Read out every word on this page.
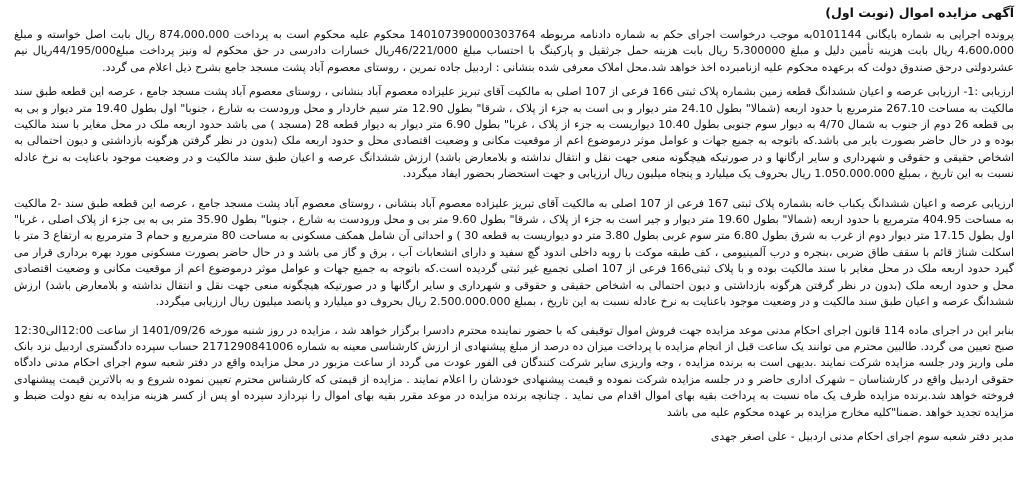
آگهی مزایده اموال (نوبت اول)

پرونده اجرایی به شماره بایگانی 0101144به موجب درخواست اجرای حکم به شماره دادنامه مربوطه 140107390000303764 محکوم علیه محکوم است به پرداخت 874،000،000 ریال بابت اصل خواسته و مبلغ 4،600،000 ریال بابت هزینه تأمین دلیل و مبلغ 5،300000 ریال بابت هزینه حمل جرثقیل و پارکینگ با احتساب مبلغ 46/221/000ریال خسارات دادرسی در حق محکوم له ونیز پرداخت مبلغ44/195/000ریال نیم عشردولتی درحق صندوق دولت که برعهده محکوم علیه ازنامبرده اخذ خواهد شد.محل املاک معرفی شده بنشانی : اردبیل جاده نمرین ، روستای معصوم آباد پشت مسجد جامع بشرح ذیل اعلام می گردد.

ارزیابی :1- ارزیابی عرصه و اعیان ششدانگ قطعه زمین بشماره پلاک ثبتی 166 فرعی از 107 اصلی به مالکیت آقای تبریز علیزاده معصوم آباد بنشانی ، روستای معصوم آباد پشت مسجد جامع ، عرصه این قطعه طبق سند مالکیت به مساحت 267.10 مترمربع با حدود اربعه (شمالا" بطول 24.10 متر دیوار و بی است به جزء از پلاک ، شرقا" بطول 12.90 متر سیم خاردار و محل ورودست به شارع ، جنوبا" اول بطول 19.40 متر دیوار و بی به بی قطعه 26 دوم از جنوب به شمال 4/70 به دیوار سوم جنوبی بطول 10.40 دیواریست به جزء از پلاک ، غربا" بطول 6.90 متر دیوار به دیوار قطعه 28 (مسجد ) می باشد حدود اربعه ملک در محل مغایر با سند مالکیت بوده و در حال حاضر بصورت بایر می باشد.که باتوجه به جمیع جهات و عوامل موثر درموضوع اعم از موقعیت مکانی و وضعیت اقتصادی محل و حدود اربعه ملک (بدون در نظر گرفتن هرگونه بازداشتی و دیون احتمالی به اشخاص حقیقی و حقوقی و شهرداری و سایر ارگانها و در صورتیکه هیچگونه منعی جهت نقل و انتقال نداشته و بلامعارض باشد) ارزش ششدانگ عرصه و اعیان طبق سند مالکیت و در وضعیت موجود باعنایت به نرخ عادله نسبت به این تاریخ ، بمبلغ 1.050.000.000 ریال بحروف یک میلیارد و پنجاه میلیون ریال ارزیابی و جهت استحضار بحضور ایفاد میگردد.

ارزیابی عرصه و اعیان ششدانگ یکباب خانه بشماره پلاک ثبتی 167 فرعی از 107 اصلی به مالکیت آقای تبریز علیزاده معصوم آباد بنشانی ، روستای معصوم آباد پشت مسجد جامع ، عرصه این قطعه طبق سند -2 مالکیت به مساحت 404.95 مترمربع با حدود اربعه (شمالا" بطول 19.60 متر دیوار و جیر است به جزء از پلاک ، شرقا" بطول 9.60 متر بی و محل ورودست به شارع ، جنوبا" بطول 35.90 متر بی به بی جزء از پلاک اصلی ، غربا" اول بطول 17.15 متر دیوار دوم از غرب به شرق بطول 6.80 متر سوم غربی بطول 3.80 متر دو دیواریست به قطعه 30 ) و احداثی آن شامل همکف مسکونی به مساحت 80 مترمربع و حمام 3 مترمربع به ارتفاع 3 متر با اسکلت شناژ قائم با سقف طاق ضربی ،بنجره و درب آلمینیومی ، کف طبقه موکت با روبه داخلی اندود گچ سفید و دارای انشعابات آب ، برق و گاز می باشد و در حال حاضر بصورت مسکونی مورد بهره برداری قرار می گیرد حدود اربعه ملک در محل مغایر با سند مالکیت بوده و با پلاک ثبتی166 فرعی از 107 اصلی تجمیع غیر ثبتی گردیده است.که باتوجه به جمیع جهات و عوامل موثر درموضوع اعم از موقعیت مکانی و وضعیت اقتصادی محل و حدود اربعه ملک (بدون در نظر گرفتن هرگونه بازداشتی و دیون احتمالی به اشخاص حقیقی و حقوقی و شهرداری و سایر ارگانها و در صورتیکه هیچگونه منعی جهت نقل و انتقال نداشته و بلامعارض باشد) ارزش ششدانگ عرصه و اعیان طبق سند مالکیت و در وضعیت موجود باعنایت به نرخ عادله نسبت به این تاریخ ، بمبلغ 2.500.000.000 ریال بحروف دو میلیارد و پانصد میلیون ریال ارزیابی میگردد.

بنابر این در اجرای ماده 114 قانون اجرای احکام مدنی موعد مزایده جهت فروش اموال توقیفی که با حضور نماینده محترم دادسرا برگزار خواهد شد ، مزایده در روز شنبه مورخه 1401/09/26 از ساعت 12:00الی12:30 صبح تعیین می گردد. طالبین محترم می توانند یک ساعت قبل از انجام مزایده با پرداخت میزان ده درصد از مبلغ پیشنهادی از ارزش کارشناسی معینه به شماره 2171290841006 حساب سپرده دادگستری اردبیل نزد بانک ملی واریز ودر جلسه مزایده شرکت نمایند .بدیهی است به برنده مزایده ، وجه واریزی سایر شرکت کنندگان فی الفور عودت می گردد از ساعت مزبور در محل مزایده واقع در دفتر شعبه سوم اجرای احکام مدنی دادگاه حقوقی اردبیل واقع در کارشناسان – شهرک اداری حاضر و در جلسه مزایده شرکت نموده و قیمت پیشنهادی خودشان را اعلام نمایند . مزایده از قیمتی که کارشناس محترم تعیین نموده شروع و به بالاترین قیمت پیشنهادی فروخته خواهد شد.برنده مزایده ظرف یک ماه نسبت به پرداخت بقیه بهای اموال اقدام می نماید . چنانچه برنده مزایده در موعد مقرر بقیه بهای اموال را نپردازد سپرده او پس از کسر هزینه مزایده به نفع دولت ضبط و مزایده تجدید خواهد .ضمنا"کلیه مخارج مزایده بر عهده محکوم علیه می باشد

مدیر دفتر شعبه سوم اجرای احکام مدنی اردبیل - علی اصغر جهدی
